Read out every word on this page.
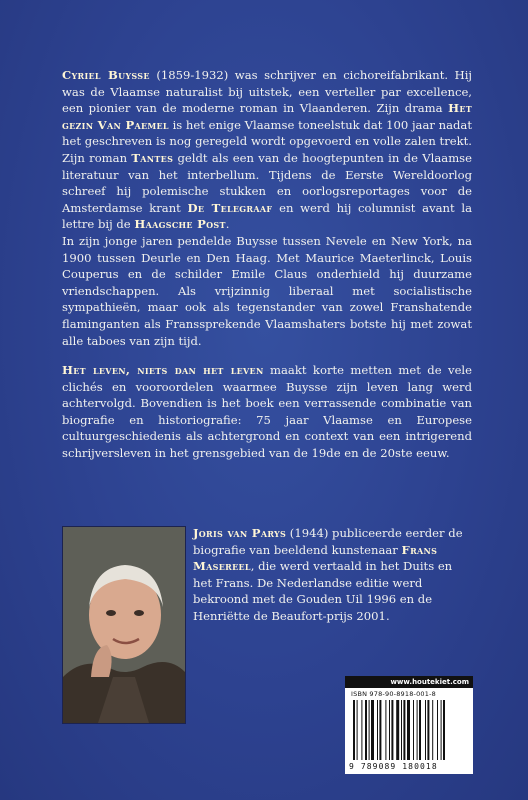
Cyriel Buysse (1859-1932) was schrijver en cichoreifabrikant. Hij was de Vlaamse naturalist bij uitstek, een verteller par excellence, een pionier van de moderne roman in Vlaanderen. Zijn drama Het gezin Van Paemel is het enige Vlaamse toneelstuk dat 100 jaar nadat het geschreven is nog geregeld wordt opgevoerd en volle zalen trekt. Zijn roman Tantes geldt als een van de hoogtepunten in de Vlaamse literatuur van het interbellum. Tijdens de Eerste Wereldoorlog schreef hij polemische stukken en oorlogsreportages voor de Amsterdamse krant De Telegraaf en werd hij columnist avant la lettre bij de Haagsche Post.
In zijn jonge jaren pendelde Buysse tussen Nevele en New York, na 1900 tussen Deurle en Den Haag. Met Maurice Maeterlinck, Louis Couperus en de schilder Emile Claus onderhield hij duurzame vriendschappen. Als vrijzinnig liberaal met socialistische sympathieën, maar ook als tegenstander van zowel Franshatende flaminganten als Franssprekende Vlaamshaters botste hij met zowat alle taboes van zijn tijd.

Het leven, niets dan het leven maakt korte metten met de vele clichés en vooroordelen waarmee Buysse zijn leven lang werd achtervolgd. Bovendien is het boek een verrassende combinatie van biografie en historiografie: 75 jaar Vlaamse en Europese cultuurgeschiedenis als achtergrond en context van een intrigerend schrijversleven in het grensgebied van de 19de en de 20ste eeuw.

Joris van Parys (1944) publiceerde eerder de biografie van beeldend kunstenaar Frans Masereel, die werd vertaald in het Duits en het Frans. De Nederlandse editie werd bekroond met de Gouden Uil 1996 en de Henriëtte de Beaufort-prijs 2001.

www.houtekiet.com
ISBN 978-90-8918-001-8
9 789089 180018
